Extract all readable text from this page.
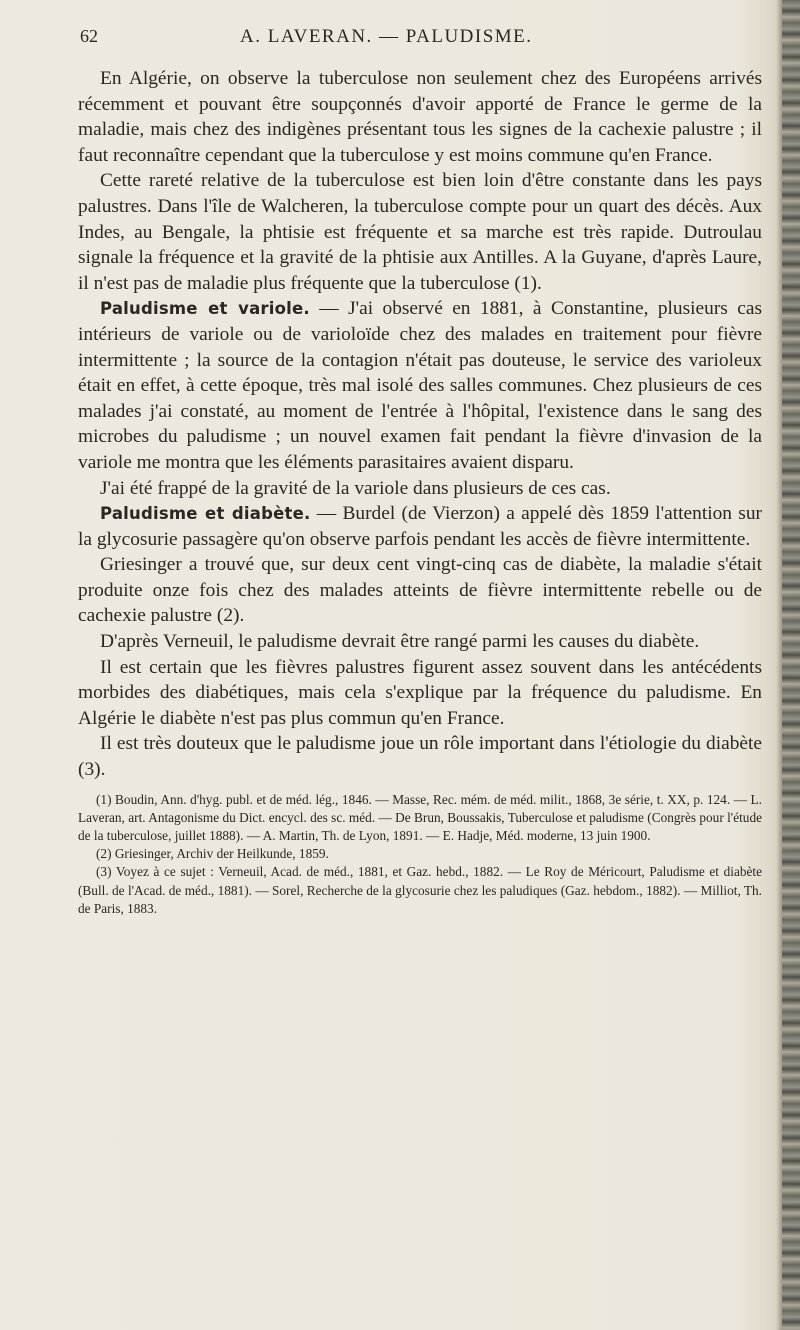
62	A. LAVERAN. — PALUDISME.

En Algérie, on observe la tuberculose non seulement chez des Européens arrivés récemment et pouvant être soupçonnés d'avoir apporté de France le germe de la maladie, mais chez des indigènes présentant tous les signes de la cachexie palustre ; il faut reconnaître cependant que la tuberculose y est moins commune qu'en France.

Cette rareté relative de la tuberculose est bien loin d'être constante dans les pays palustres. Dans l'île de Walcheren, la tuberculose compte pour un quart des décès. Aux Indes, au Bengale, la phtisie est fréquente et sa marche est très rapide. Dutroulau signale la fréquence et la gravité de la phtisie aux Antilles. A la Guyane, d'après Laure, il n'est pas de maladie plus fréquente que la tuberculose (1).

Paludisme et variole. — J'ai observé en 1881, à Constantine, plusieurs cas intérieurs de variole ou de varioloïde chez des malades en traitement pour fièvre intermittente ; la source de la contagion n'était pas douteuse, le service des varioleux était en effet, à cette époque, très mal isolé des salles communes. Chez plusieurs de ces malades j'ai constaté, au moment de l'entrée à l'hôpital, l'existence dans le sang des microbes du paludisme ; un nouvel examen fait pendant la fièvre d'invasion de la variole me montra que les éléments parasitaires avaient disparu.

J'ai été frappé de la gravité de la variole dans plusieurs de ces cas.

Paludisme et diabète. — Burdel (de Vierzon) a appelé dès 1859 l'attention sur la glycosurie passagère qu'on observe parfois pendant les accès de fièvre intermittente.

Griesinger a trouvé que, sur deux cent vingt-cinq cas de diabète, la maladie s'était produite onze fois chez des malades atteints de fièvre intermittente rebelle ou de cachexie palustre (2).

D'après Verneuil, le paludisme devrait être rangé parmi les causes du diabète.

Il est certain que les fièvres palustres figurent assez souvent dans les antécédents morbides des diabétiques, mais cela s'explique par la fréquence du paludisme. En Algérie le diabète n'est pas plus commun qu'en France.

Il est très douteux que le paludisme joue un rôle important dans l'étiologie du diabète (3).

(1) Boudin, Ann. d'hyg. publ. et de méd. lég., 1846. — Masse, Rec. mém. de méd. milit., 1868, 3e série, t. XX, p. 124. — L. Laveran, art. Antagonisme du Dict. encycl. des sc. méd. — De Brun, Boussakis, Tuberculose et paludisme (Congrès pour l'étude de la tuberculose, juillet 1888). — A. Martin, Th. de Lyon, 1891. — E. Hadje, Méd. moderne, 13 juin 1900.

(2) Griesinger, Archiv der Heilkunde, 1859.

(3) Voyez à ce sujet : Verneuil, Acad. de méd., 1881, et Gaz. hebd., 1882. — Le Roy de Méricourt, Paludisme et diabète (Bull. de l'Acad. de méd., 1881). — Sorel, Recherche de la glycosurie chez les paludiques (Gaz. hebdom., 1882). — Milliot, Th. de Paris, 1883.
